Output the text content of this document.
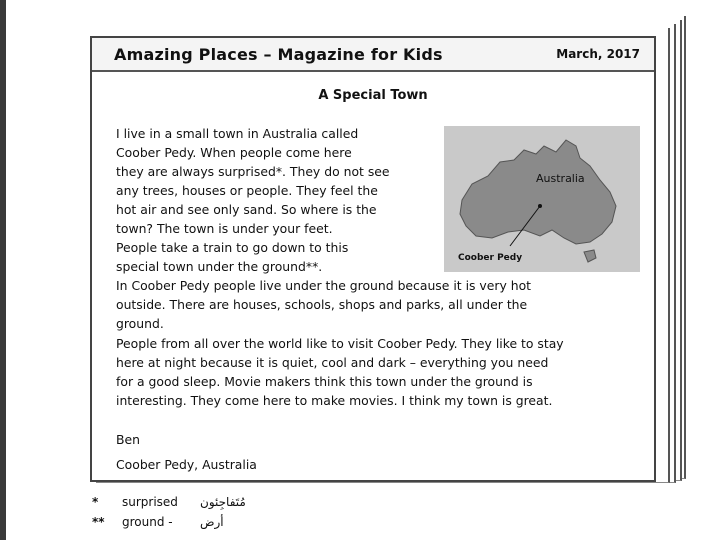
Amazing Places – Magazine for Kids	March, 2017
A Special Town
I live in a small town in Australia called
Coober Pedy. When people come here
they are always surprised*. They do not see
any trees, houses or people. They feel the
hot air and see only sand. So where is the
town? The town is under your feet.
People take a train to go down to this
special town under the ground**.
Australia
Coober Pedy
In Coober Pedy people live under the ground because it is very hot
outside. There are houses, schools, shops and parks, all under the
ground.
People from all over the world like to visit Coober Pedy. They like to stay
here at night because it is quiet, cool and dark – everything you need
for a good sleep. Movie makers think this town under the ground is
interesting. They come here to make movies. I think my town is great.
Ben
Coober Pedy, Australia
*	surprised	مُتَفاجِئون
**	ground -	أرض
